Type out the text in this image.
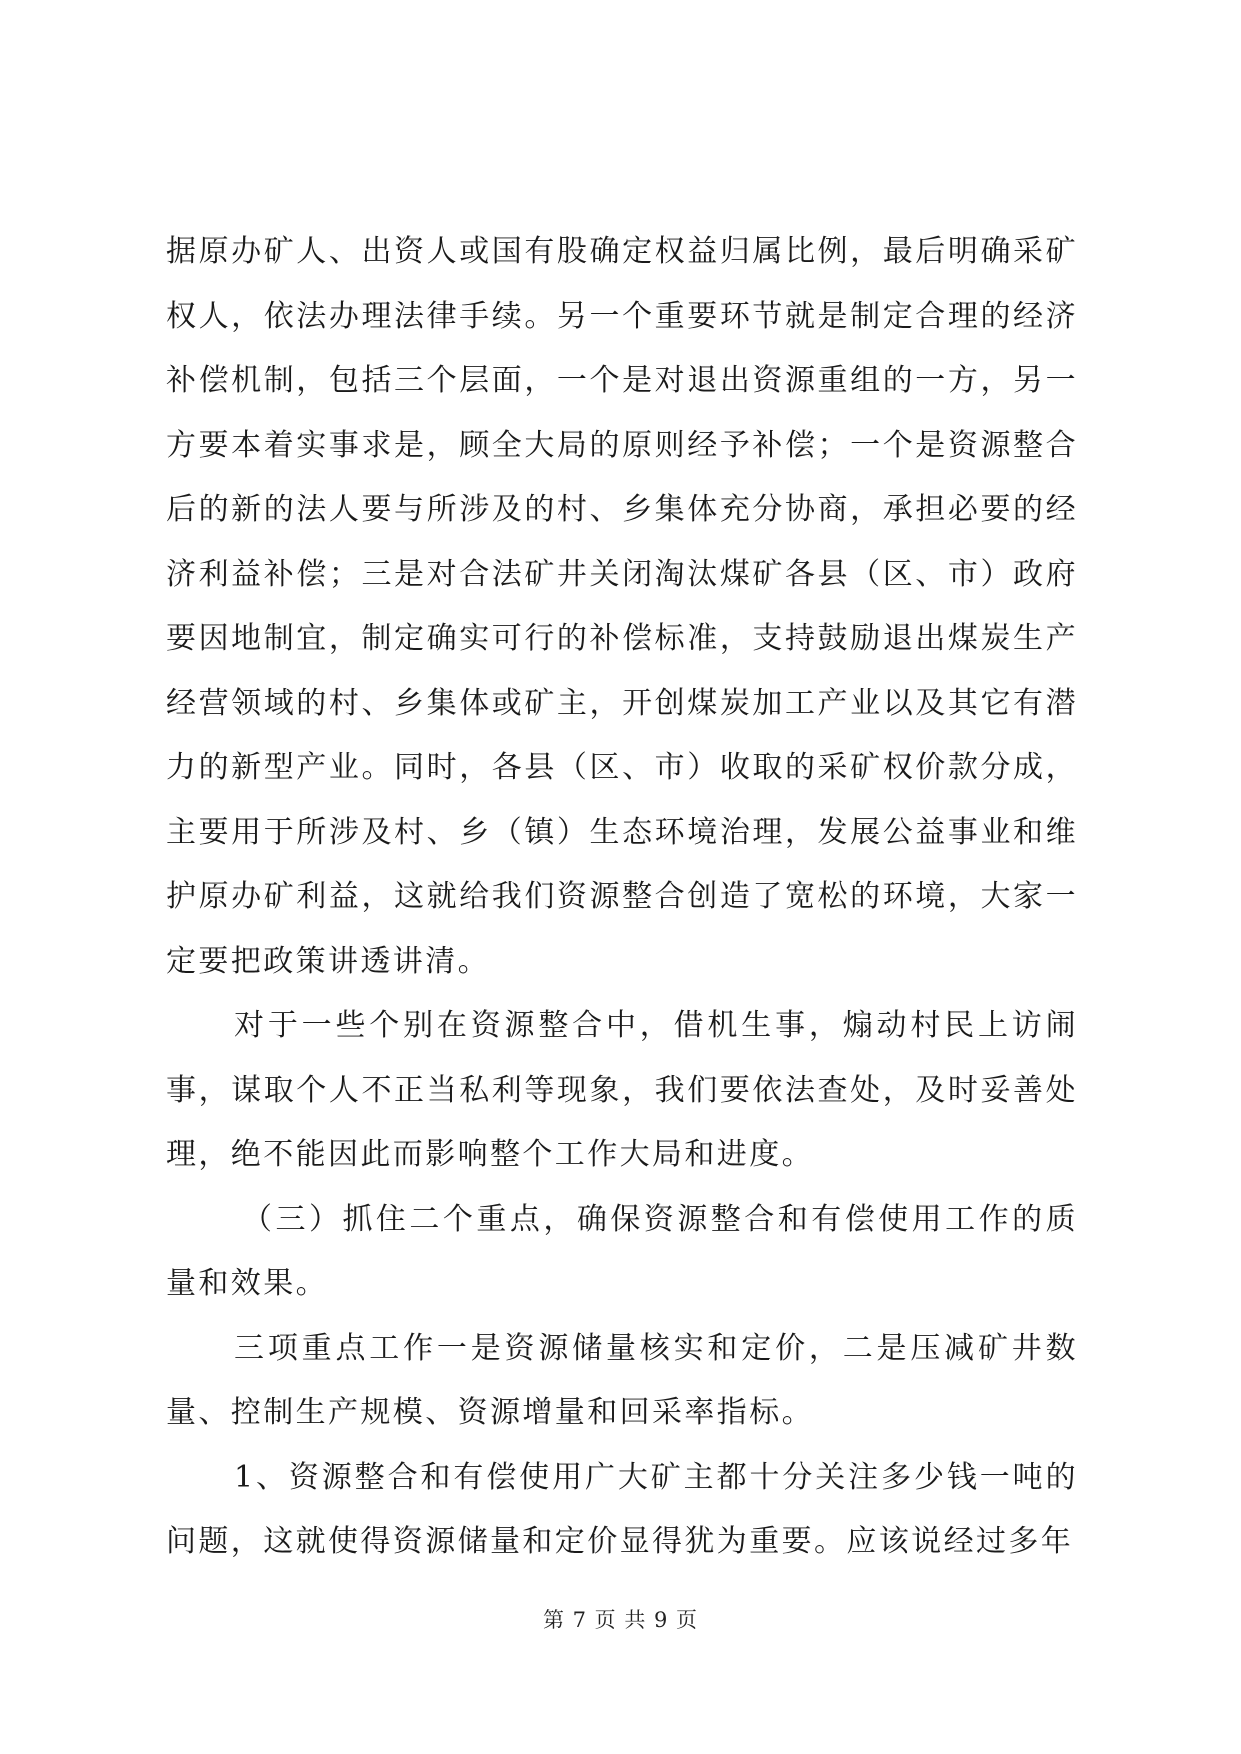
据原办矿人、出资人或国有股确定权益归属比例，最后明确采矿权人，依法办理法律手续。另一个重要环节就是制定合理的经济补偿机制，包括三个层面，一个是对退出资源重组的一方，另一方要本着实事求是，顾全大局的原则经予补偿；一个是资源整合后的新的法人要与所涉及的村、乡集体充分协商，承担必要的经济利益补偿；三是对合法矿井关闭淘汰煤矿各县（区、市）政府要因地制宜，制定确实可行的补偿标准，支持鼓励退出煤炭生产经营领域的村、乡集体或矿主，开创煤炭加工产业以及其它有潜力的新型产业。同时，各县（区、市）收取的采矿权价款分成，主要用于所涉及村、乡（镇）生态环境治理，发展公益事业和维护原办矿利益，这就给我们资源整合创造了宽松的环境，大家一定要把政策讲透讲清。

对于一些个别在资源整合中，借机生事，煽动村民上访闹事，谋取个人不正当私利等现象，我们要依法查处，及时妥善处理，绝不能因此而影响整个工作大局和进度。

（三）抓住二个重点，确保资源整合和有偿使用工作的质量和效果。

三项重点工作一是资源储量核实和定价，二是压减矿井数量、控制生产规模、资源增量和回采率指标。

1、资源整合和有偿使用广大矿主都十分关注多少钱一吨的问题，这就使得资源储量和定价显得犹为重要。应该说经过多年

第 7 页 共 9 页
